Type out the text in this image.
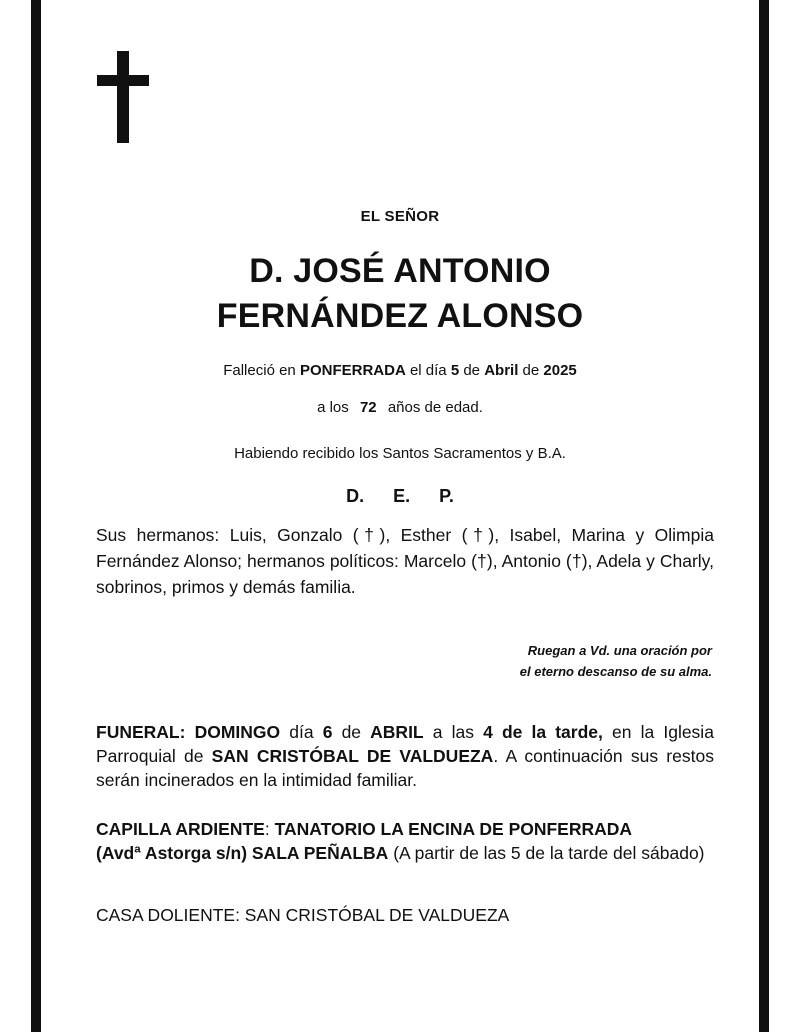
EL SEÑOR
D. JOSÉ ANTONIO
FERNÁNDEZ ALONSO
Falleció en PONFERRADA el día 5 de Abril de 2025
a los 72 años de edad.
Habiendo recibido los Santos Sacramentos y B.A.
D. E. P.
Sus hermanos: Luis, Gonzalo (†), Esther (†), Isabel, Marina y Olimpia Fernández Alonso; hermanos políticos: Marcelo (†), Antonio (†), Adela y Charly, sobrinos, primos y demás familia.
Ruegan a Vd. una oración por
el eterno descanso de su alma.
FUNERAL: DOMINGO día 6 de ABRIL a las 4 de la tarde, en la Iglesia Parroquial de SAN CRISTÓBAL DE VALDUEZA. A continuación sus restos serán incinerados en la intimidad familiar.
CAPILLA ARDIENTE: TANATORIO LA ENCINA DE PONFERRADA
(Avdª Astorga s/n) SALA PEÑALBA (A partir de las 5 de la tarde del sábado)
CASA DOLIENTE: SAN CRISTÓBAL DE VALDUEZA
